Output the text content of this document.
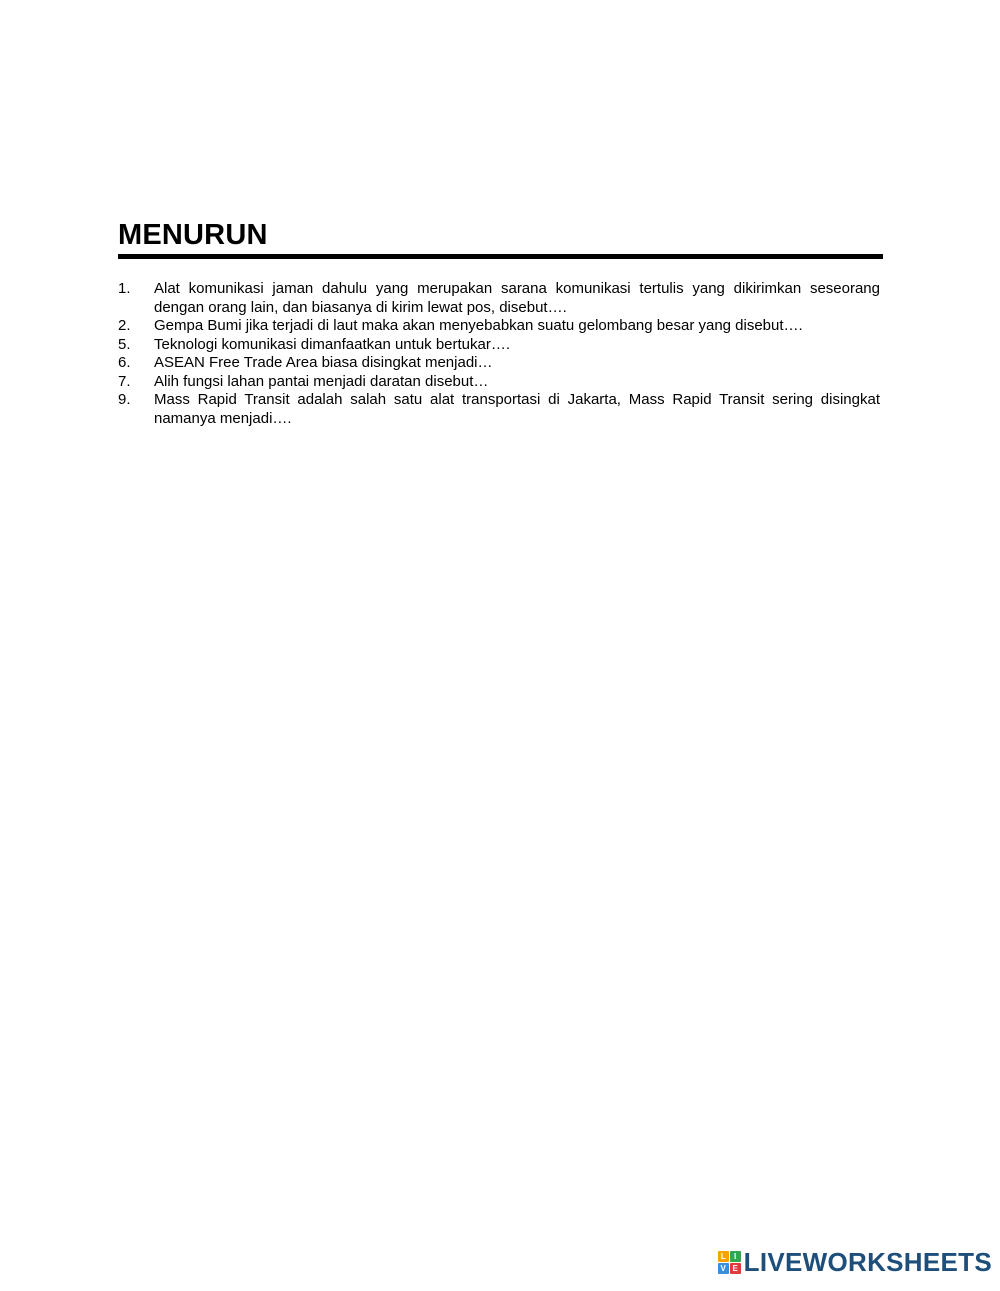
MENURUN
1.	Alat komunikasi jaman dahulu yang merupakan sarana komunikasi tertulis yang dikirimkan seseorang dengan orang lain, dan biasanya di kirim lewat pos, disebut….
2.	Gempa Bumi jika terjadi di laut maka akan menyebabkan suatu gelombang besar yang disebut….
5.	Teknologi komunikasi dimanfaatkan untuk bertukar….
6.	ASEAN Free Trade Area biasa disingkat menjadi…
7.	Alih fungsi lahan pantai menjadi daratan disebut…
9.	Mass Rapid Transit adalah salah satu alat transportasi di Jakarta, Mass Rapid Transit sering disingkat namanya menjadi….
L	I
V E LIVEWORKSHEETS
